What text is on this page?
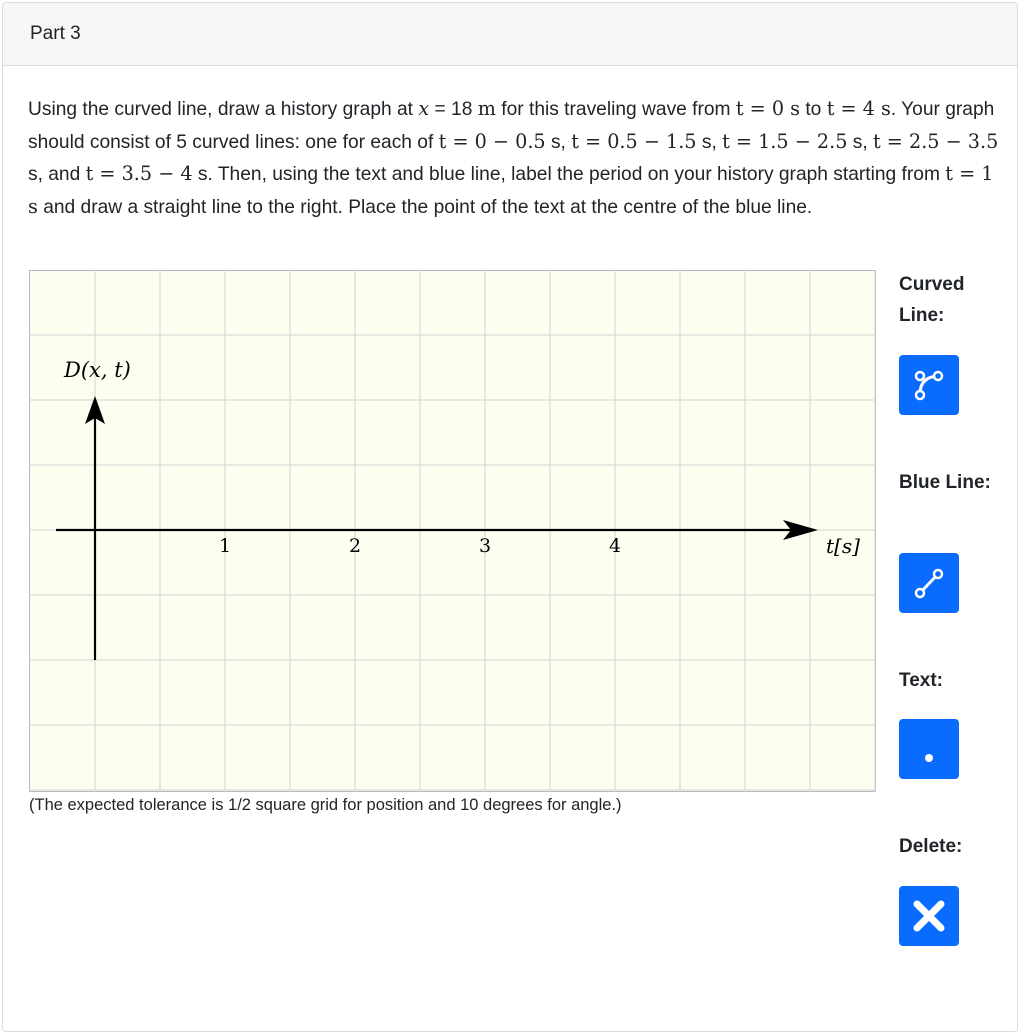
Part 3
Using the curved line, draw a history graph at x = 18 m for this traveling wave from t = 0 s to t = 4 s. Your graph should consist of 5 curved lines: one for each of t = 0 − 0.5 s, t = 0.5 − 1.5 s, t = 1.5 − 2.5 s, t = 2.5 − 3.5 s, and t = 3.5 − 4 s. Then, using the text and blue line, label the period on your history graph starting from t = 1 s and draw a straight line to the right. Place the point of the text at the centre of the blue line.
D(x, t)
t[s]
1	2	3	4
(The expected tolerance is 1/2 square grid for position and 10 degrees for angle.)
Curved Line:
Blue Line:
Text:
Delete:
